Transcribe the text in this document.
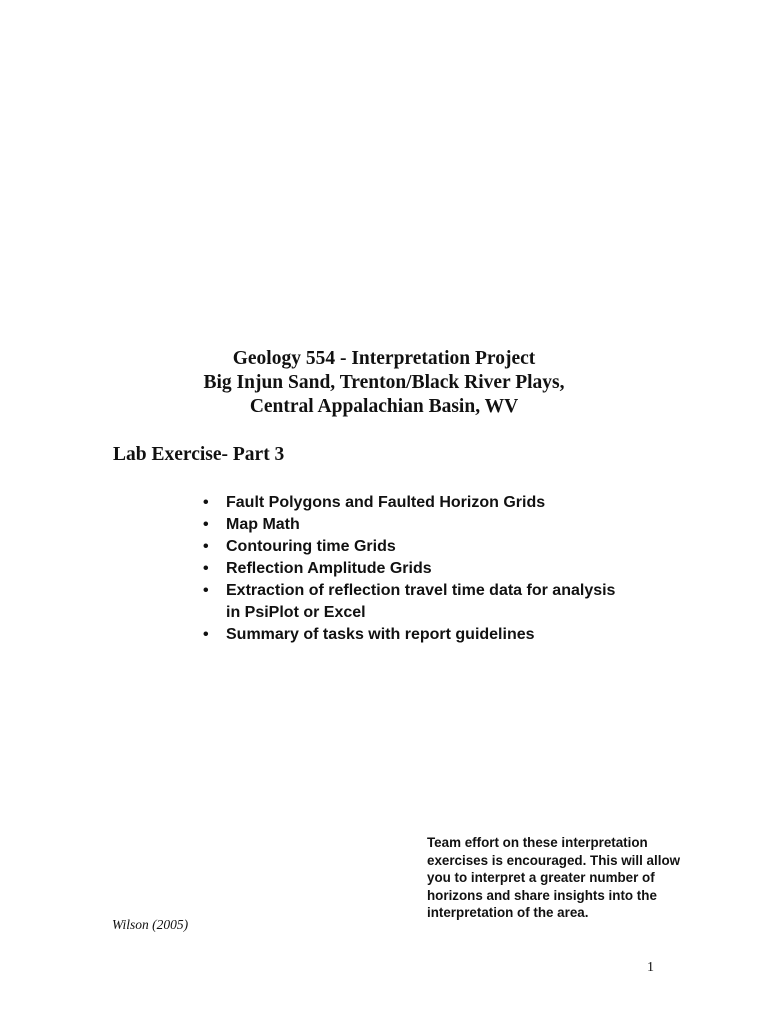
Geology 554 - Interpretation Project
Big Injun Sand, Trenton/Black River Plays,
Central Appalachian Basin, WV
Lab Exercise- Part 3
• Fault Polygons and Faulted Horizon Grids
• Map Math
• Contouring time Grids
• Reflection Amplitude Grids
• Extraction of reflection travel time data for analysis
in PsiPlot or Excel
• Summary of tasks with report guidelines

Team effort on these interpretation
exercises is encouraged. This will allow
you to interpret a greater number of
horizons and share insights into the
interpretation of the area.

Wilson (2005)
1
